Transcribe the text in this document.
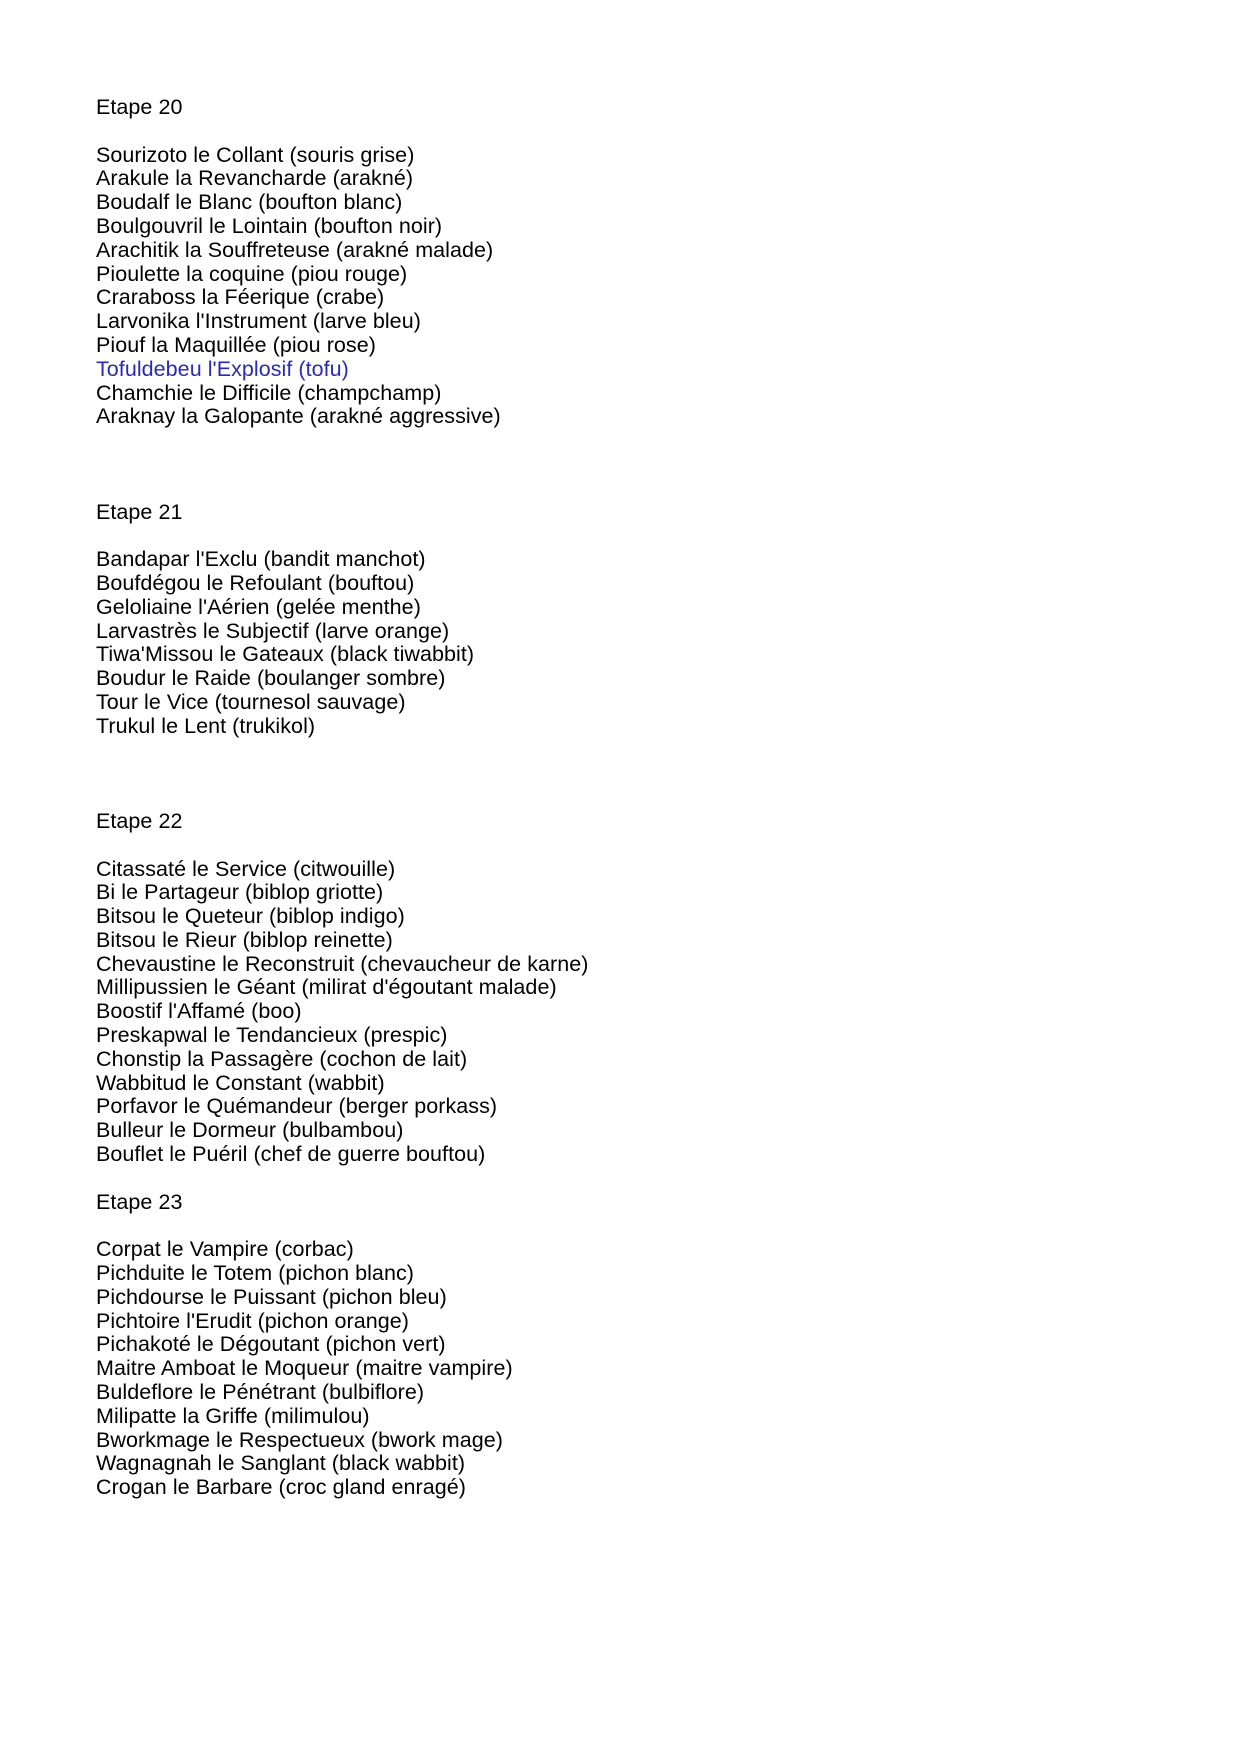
Etape 20

Sourizoto le Collant (souris grise)
Arakule la Revancharde (arakné)
Boudalf le Blanc (boufton blanc)
Boulgouvril le Lointain (boufton noir)
Arachitik la Souffreteuse (arakné malade)
Pioulette la coquine (piou rouge)
Craraboss la Féerique (crabe)
Larvonika l'Instrument (larve bleu)
Piouf la Maquillée (piou rose)
Tofuldebeu l'Explosif (tofu)
Chamchie le Difficile (champchamp)
Araknay la Galopante (arakné aggressive)

Etape 21

Bandapar l'Exclu (bandit manchot)
Boufdégou le Refoulant (bouftou)
Geloliaine l'Aérien (gelée menthe)
Larvastrès le Subjectif (larve orange)
Tiwa'Missou le Gateaux (black tiwabbit)
Boudur le Raide (boulanger sombre)
Tour le Vice (tournesol sauvage)
Trukul le Lent (trukikol)

Etape 22

Citassaté le Service (citwouille)
Bi le Partageur (biblop griotte)
Bitsou le Queteur (biblop indigo)
Bitsou le Rieur (biblop reinette)
Chevaustine le Reconstruit (chevaucheur de karne)
Millipussien le Géant (milirat d'égoutant malade)
Boostif l'Affamé (boo)
Preskapwal le Tendancieux (prespic)
Chonstip la Passagère (cochon de lait)
Wabbitud le Constant (wabbit)
Porfavor le Quémandeur (berger porkass)
Bulleur le Dormeur (bulbambou)
Bouflet le Puéril (chef de guerre bouftou)

Etape 23

Corpat le Vampire (corbac)
Pichduite le Totem (pichon blanc)
Pichdourse le Puissant (pichon bleu)
Pichtoire l'Erudit (pichon orange)
Pichakoté le Dégoutant (pichon vert)
Maitre Amboat le Moqueur (maitre vampire)
Buldeflore le Pénétrant (bulbiflore)
Milipatte la Griffe (milimulou)
Bworkmage le Respectueux (bwork mage)
Wagnagnah le Sanglant (black wabbit)
Crogan le Barbare (croc gland enragé)
